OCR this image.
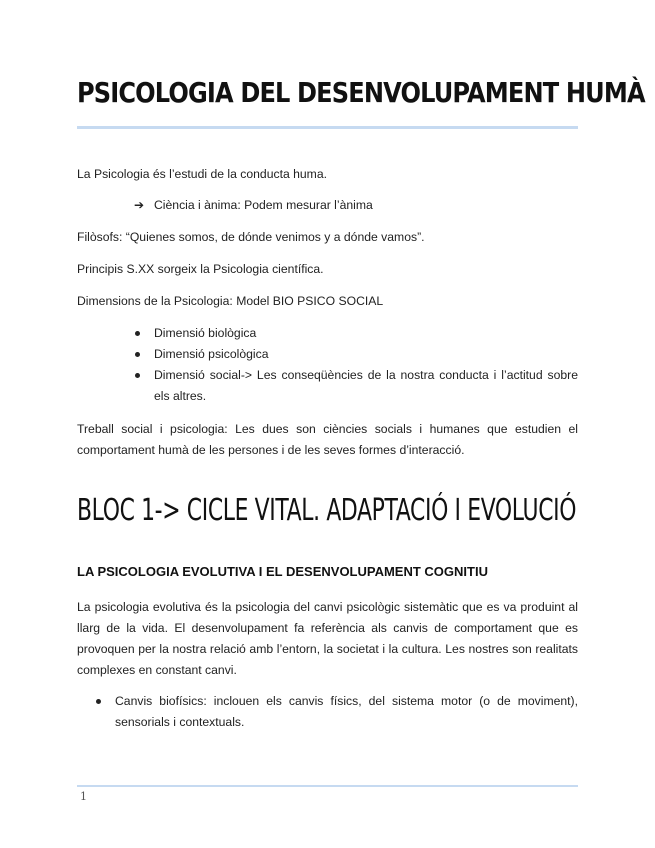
PSICOLOGIA DEL DESENVOLUPAMENT HUMÀ

La Psicologia és l’estudi de la conducta huma.

➔ Ciència i ànima: Podem mesurar l’ànima

Filòsofs: “Quienes somos, de dónde venimos y a dónde vamos”.

Principis S.XX sorgeix la Psicologia científica.

Dimensions de la Psicologia: Model BIO PSICO SOCIAL

Dimensió biològica
Dimensió psicològica
Dimensió social-> Les conseqüències de la nostra conducta i l’actitud sobre els altres.

Treball social i psicologia: Les dues son ciències socials i humanes que estudien el comportament humà de les persones i de les seves formes d’interacció.

BLOC 1-> CICLE VITAL. ADAPTACIÓ I EVOLUCIÓ
LA PSICOLOGIA EVOLUTIVA I EL DESENVOLUPAMENT COGNITIU

La psicologia evolutiva és la psicologia del canvi psicològic sistemàtic que es va produint al llarg de la vida. El desenvolupament fa referència als canvis de comportament que es provoquen per la nostra relació amb l’entorn, la societat i la cultura. Les nostres son realitats complexes en constant canvi.

Canvis biofísics: inclouen els canvis físics, del sistema motor (o de moviment), sensorials i contextuals.
1
